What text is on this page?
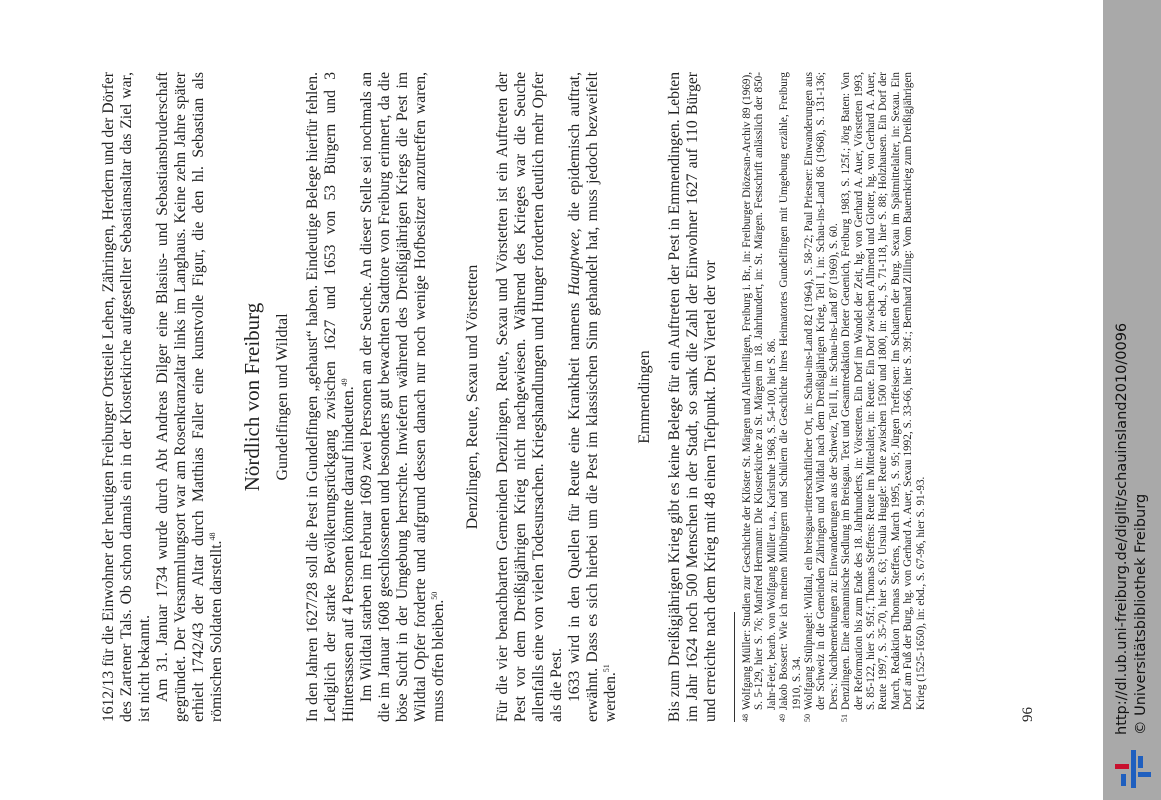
1612/13 für die Einwohner der heutigen Freiburger Ortsteile Lehen, Zähringen, Herdern und der Dörfer des Zartener Tals. Ob schon damals ein in der Klosterkirche aufgestellter Sebastiansaltar das Ziel war, ist nicht bekannt. Am 31. Januar 1734 wurde durch Abt Andreas Dilger eine Blasius- und Sebastiansbruderschaft gegründet. Der Versammlungsort war am Rosenkranzaltar links im Langhaus. Keine zehn Jahre später erhielt 1742/43 der Altar durch Matthias Faller eine kunstvolle Figur, die den hl. Sebastian als römischen Soldaten darstellt.$^{48}$

Nördlich von Freiburg Gundelfingen und Wildtal In den Jahren 1627/28 soll die Pest in Gundelfingen „gehaust“ haben. Eindeutige Belege hierfür fehlen. Lediglich der starke Bevölkerungsrückgang zwischen 1627 und 1653 von 53 Bürgern und 3 Hintersassen auf 4 Personen könnte darauf hindeuten.$^{49}$ Im Wildtal starben im Februar 1609 zwei Personen an der Seuche. An dieser Stelle sei nochmals an die im Januar 1608 geschlossenen und besonders gut bewachten Stadttore von Freiburg erinnert, da die böse Sucht in der Umgebung herrschte. Inwiefern während des Dreißigjährigen Kriegs die Pest im Wildtal Opfer forderte und aufgrund dessen danach nur noch wenige Hofbesitzer anzutreffen waren, muss offen bleiben.$^{50}$

Denzlingen, Reute, Sexau und Vörstetten Für die vier benachbarten Gemeinden Denzlingen, Reute, Sexau und Vörstetten ist ein Auftreten der Pest vor dem Dreißigjährigen Krieg nicht nachgewiesen. Während des Krieges war die Seuche allenfalls eine von vielen Todesursachen. Kriegshandlungen und Hunger forderten deutlich mehr Opfer als die Pest. 1633 wird in den Quellen für Reute eine Krankheit namens Hauptwee, die epidemisch auftrat, erwähnt. Dass es sich hierbei um die Pest im klassischen Sinn gehandelt hat, muss jedoch bezweifelt werden.$^{51}$

Emmendingen Bis zum Dreißigjährigen Krieg gibt es keine Belege für ein Auftreten der Pest in Emmendingen. Lebten im Jahr 1624 noch 500 Menschen in der Stadt, so sank die Zahl der Einwohner 1627 auf 110 Bürger und erreichte nach dem Krieg mit 48 einen Tiefpunkt. Drei Viertel der vor	48
Wolfgang Müller: Studien zur Geschichte der Klöster St. Märgen und Allerheiligen, Freiburg i. Br., in: Freiburger Diözesan-Archiv 89 (1969), S. 5-129, hier S. 76; Manfred Hermann: Die Klosterkirche zu St. Märgen im 18. Jahrhundert, in: St. Märgen. Festschrift anlässlich der 850-Jahr-Feier, bearb. von Wolfgang Müller u.a., Karlsruhe 1968, S. 54-100, hier S. 86.
49
Jakob Bossert: Wie ich meinen Mitbürgern und Schülern die Geschichte ihres Heimatortes Gundelfingen mit Umgebung erzähle, Freiburg 1910, S. 34.
50
Wolfgang Stülpnagel: Wildtal, ein breisgau-ritterschaftlicher Ort, in: Schau-ins-Land 82 (1964), S. 58-72; Paul Priesner: Einwanderungen aus der Schweiz in die Gemeinden Zähringen und Wildtal nach dem Dreißigjährigen Krieg, Teil I, in: Schau-ins-Land 86 (1968), S. 131-136; Ders.: Nachbemerkungen zu: Einwanderungen aus der Schweiz, Teil II, in: Schau-ins-Land 87 (1969), S. 60.
51
Denzlingen. Eine alemannische Siedlung im Breisgau. Text und Gesamtredaktion Dieter Geuenich, Freiburg 1983, S. 125f.; Jörg Baten: Von der Reformation bis zum Ende des 18. Jahrhunderts, in: Vörstetten. Ein Dorf im Wandel der Zeit, hg. von Gerhard A. Auer, Vörstetten 1993, S. 85-122, hier S. 95f.; Thomas Steffens: Reute im Mittelalter, in: Reute. Ein Dorf zwischen Allmend und Glotter, hg. von Gerhard A. Auer, Reute 1997, S. 35-70, hier S. 63; Ursula Huggle: Reute zwischen 1500 und 1800, in: ebd., S. 71-118, hier S. 88; Holzhausen. Ein Dorf der March, Redaktion Thomas Steffens, March 1995, S. 95; Jürgen Treffeisen: Im Schatten der Burg. Sexau im Spätmittelalter, in: Sexau. Ein Dorf am Fuß der Burg, hg. von Gerhard A. Auer, Sexau 1992, S. 33-66, hier S. 39f.; Bernhard Zilling: Vom Bauernkrieg zum Dreißigjährigen Krieg (1525-1650), in: ebd., S. 67-96, hier S. 91-93.
96	http://dl.ub.uni-freiburg.de/diglit/schauinsland2010/0096 © Universitätsbibliothek Freiburg
